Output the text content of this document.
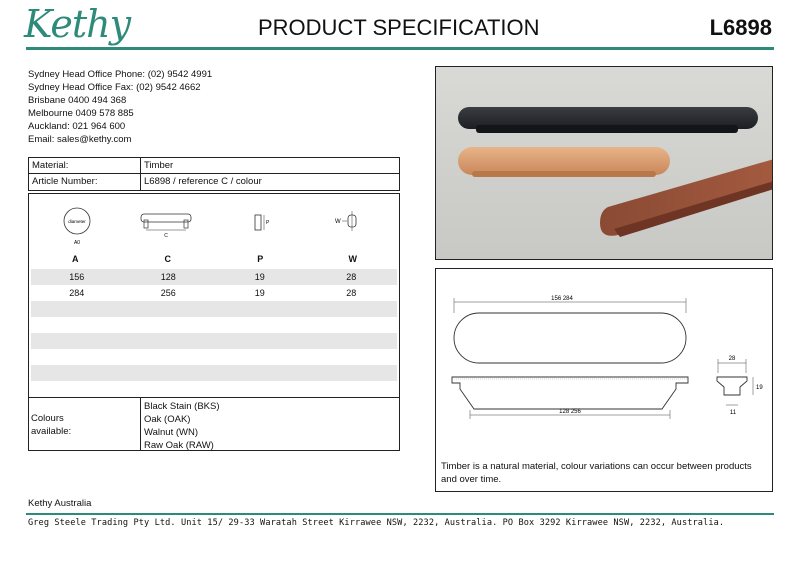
Kethy	PRODUCT SPECIFICATION	L6898
Sydney Head Office Phone: (02) 9542 4991
Sydney Head Office Fax: (02) 9542 4662
Brisbane 0400 494 368
Melbourne 0409 578 885
Auckland: 021 964 600
Email: sales@kethy.com
Material:	Timber
Article Number:	L6898 / reference C / colour
diameter
A0
C
P	W
A	C	P	W
156	128	19	28
284	256	19	28
Colours
available:
Black Stain (BKS)
Oak (OAK)
Walnut (WN)
Raw Oak (RAW)
156 284
128 256
28
19
11
Timber is a natural material, colour variations can occur between products and over time.
Kethy Australia
Greg Steele Trading Pty Ltd. Unit 15/ 29-33 Waratah Street Kirrawee NSW, 2232, Australia. PO Box 3292 Kirrawee NSW, 2232, Australia.
